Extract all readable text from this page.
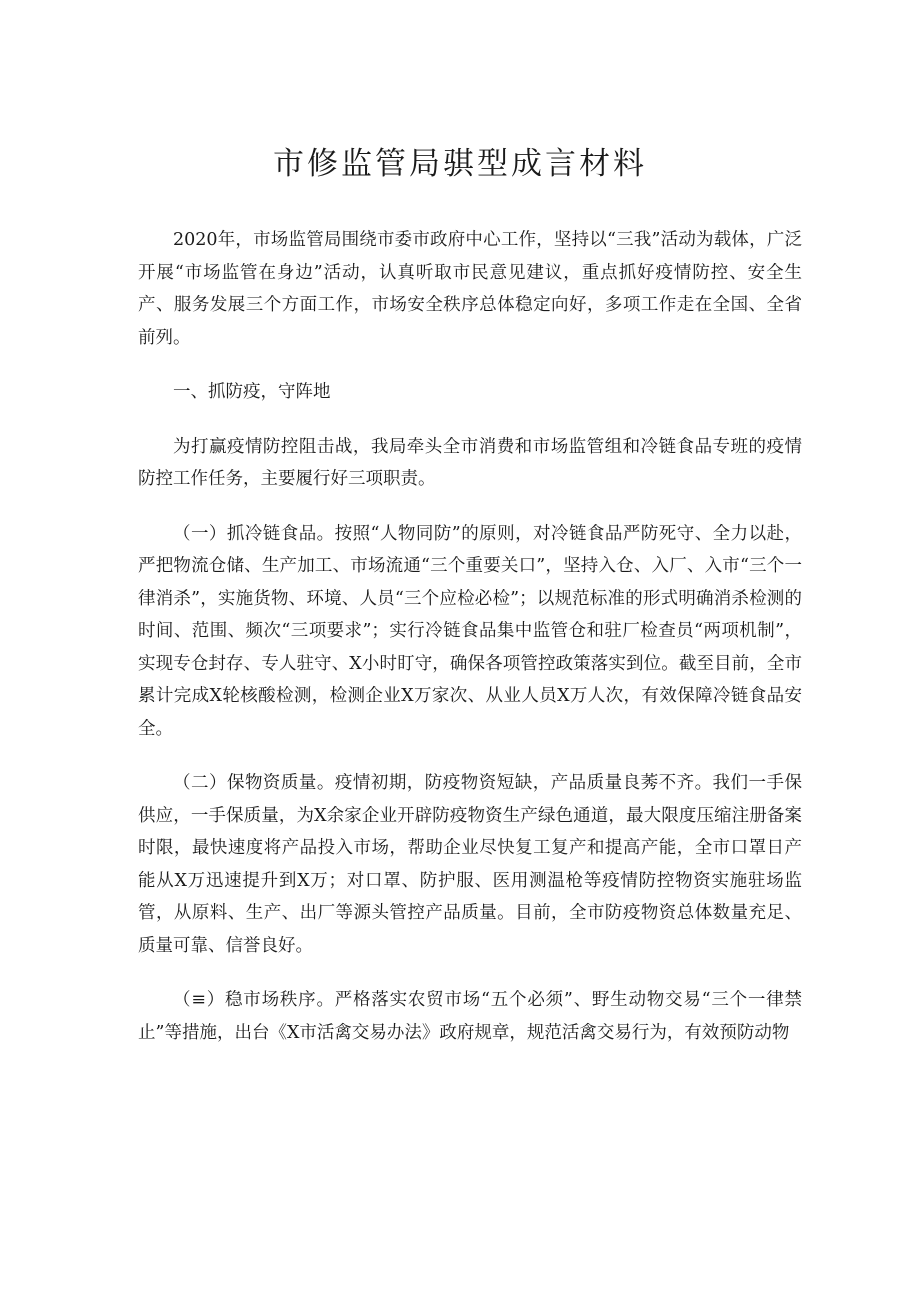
市修监管局骐型成言材料

2020年，市场监管局围绕市委市政府中心工作，坚持以“三我”活动为载体，广泛开展“市场监管在身边”活动，认真听取市民意见建议，重点抓好疫情防控、安全生产、服务发展三个方面工作，市场安全秩序总体稳定向好，多项工作走在全国、全省前列。

一、抓防疫，守阵地

为打赢疫情防控阻击战，我局牵头全市消费和市场监管组和冷链食品专班的疫情防控工作任务，主要履行好三项职责。

（一）抓冷链食品。按照“人物同防”的原则，对冷链食品严防死守、全力以赴，严把物流仓储、生产加工、市场流通“三个重要关口”，坚持入仓、入厂、入市“三个一律消杀”，实施货物、环境、人员“三个应检必检”；以规范标准的形式明确消杀检测的时间、范围、频次“三项要求”；实行冷链食品集中监管仓和驻厂检查员“两项机制”，实现专仓封存、专人驻守、X小时盯守，确保各项管控政策落实到位。截至目前，全市累计完成X轮核酸检测，检测企业X万家次、从业人员X万人次，有效保障冷链食品安全。

（二）保物资质量。疫情初期，防疫物资短缺，产品质量良莠不齐。我们一手保供应，一手保质量，为X余家企业开辟防疫物资生产绿色通道，最大限度压缩注册备案时限，最快速度将产品投入市场，帮助企业尽快复工复产和提高产能，全市口罩日产能从X万迅速提升到X万；对口罩、防护服、医用测温枪等疫情防控物资实施驻场监管，从原料、生产、出厂等源头管控产品质量。目前，全市防疫物资总体数量充足、质量可靠、信誉良好。

（≡）稳市场秩序。严格落实农贸市场“五个必须”、野生动物交易“三个一律禁止”等措施，出台《X市活禽交易办法》政府规章，规范活禽交易行为，有效预防动物
